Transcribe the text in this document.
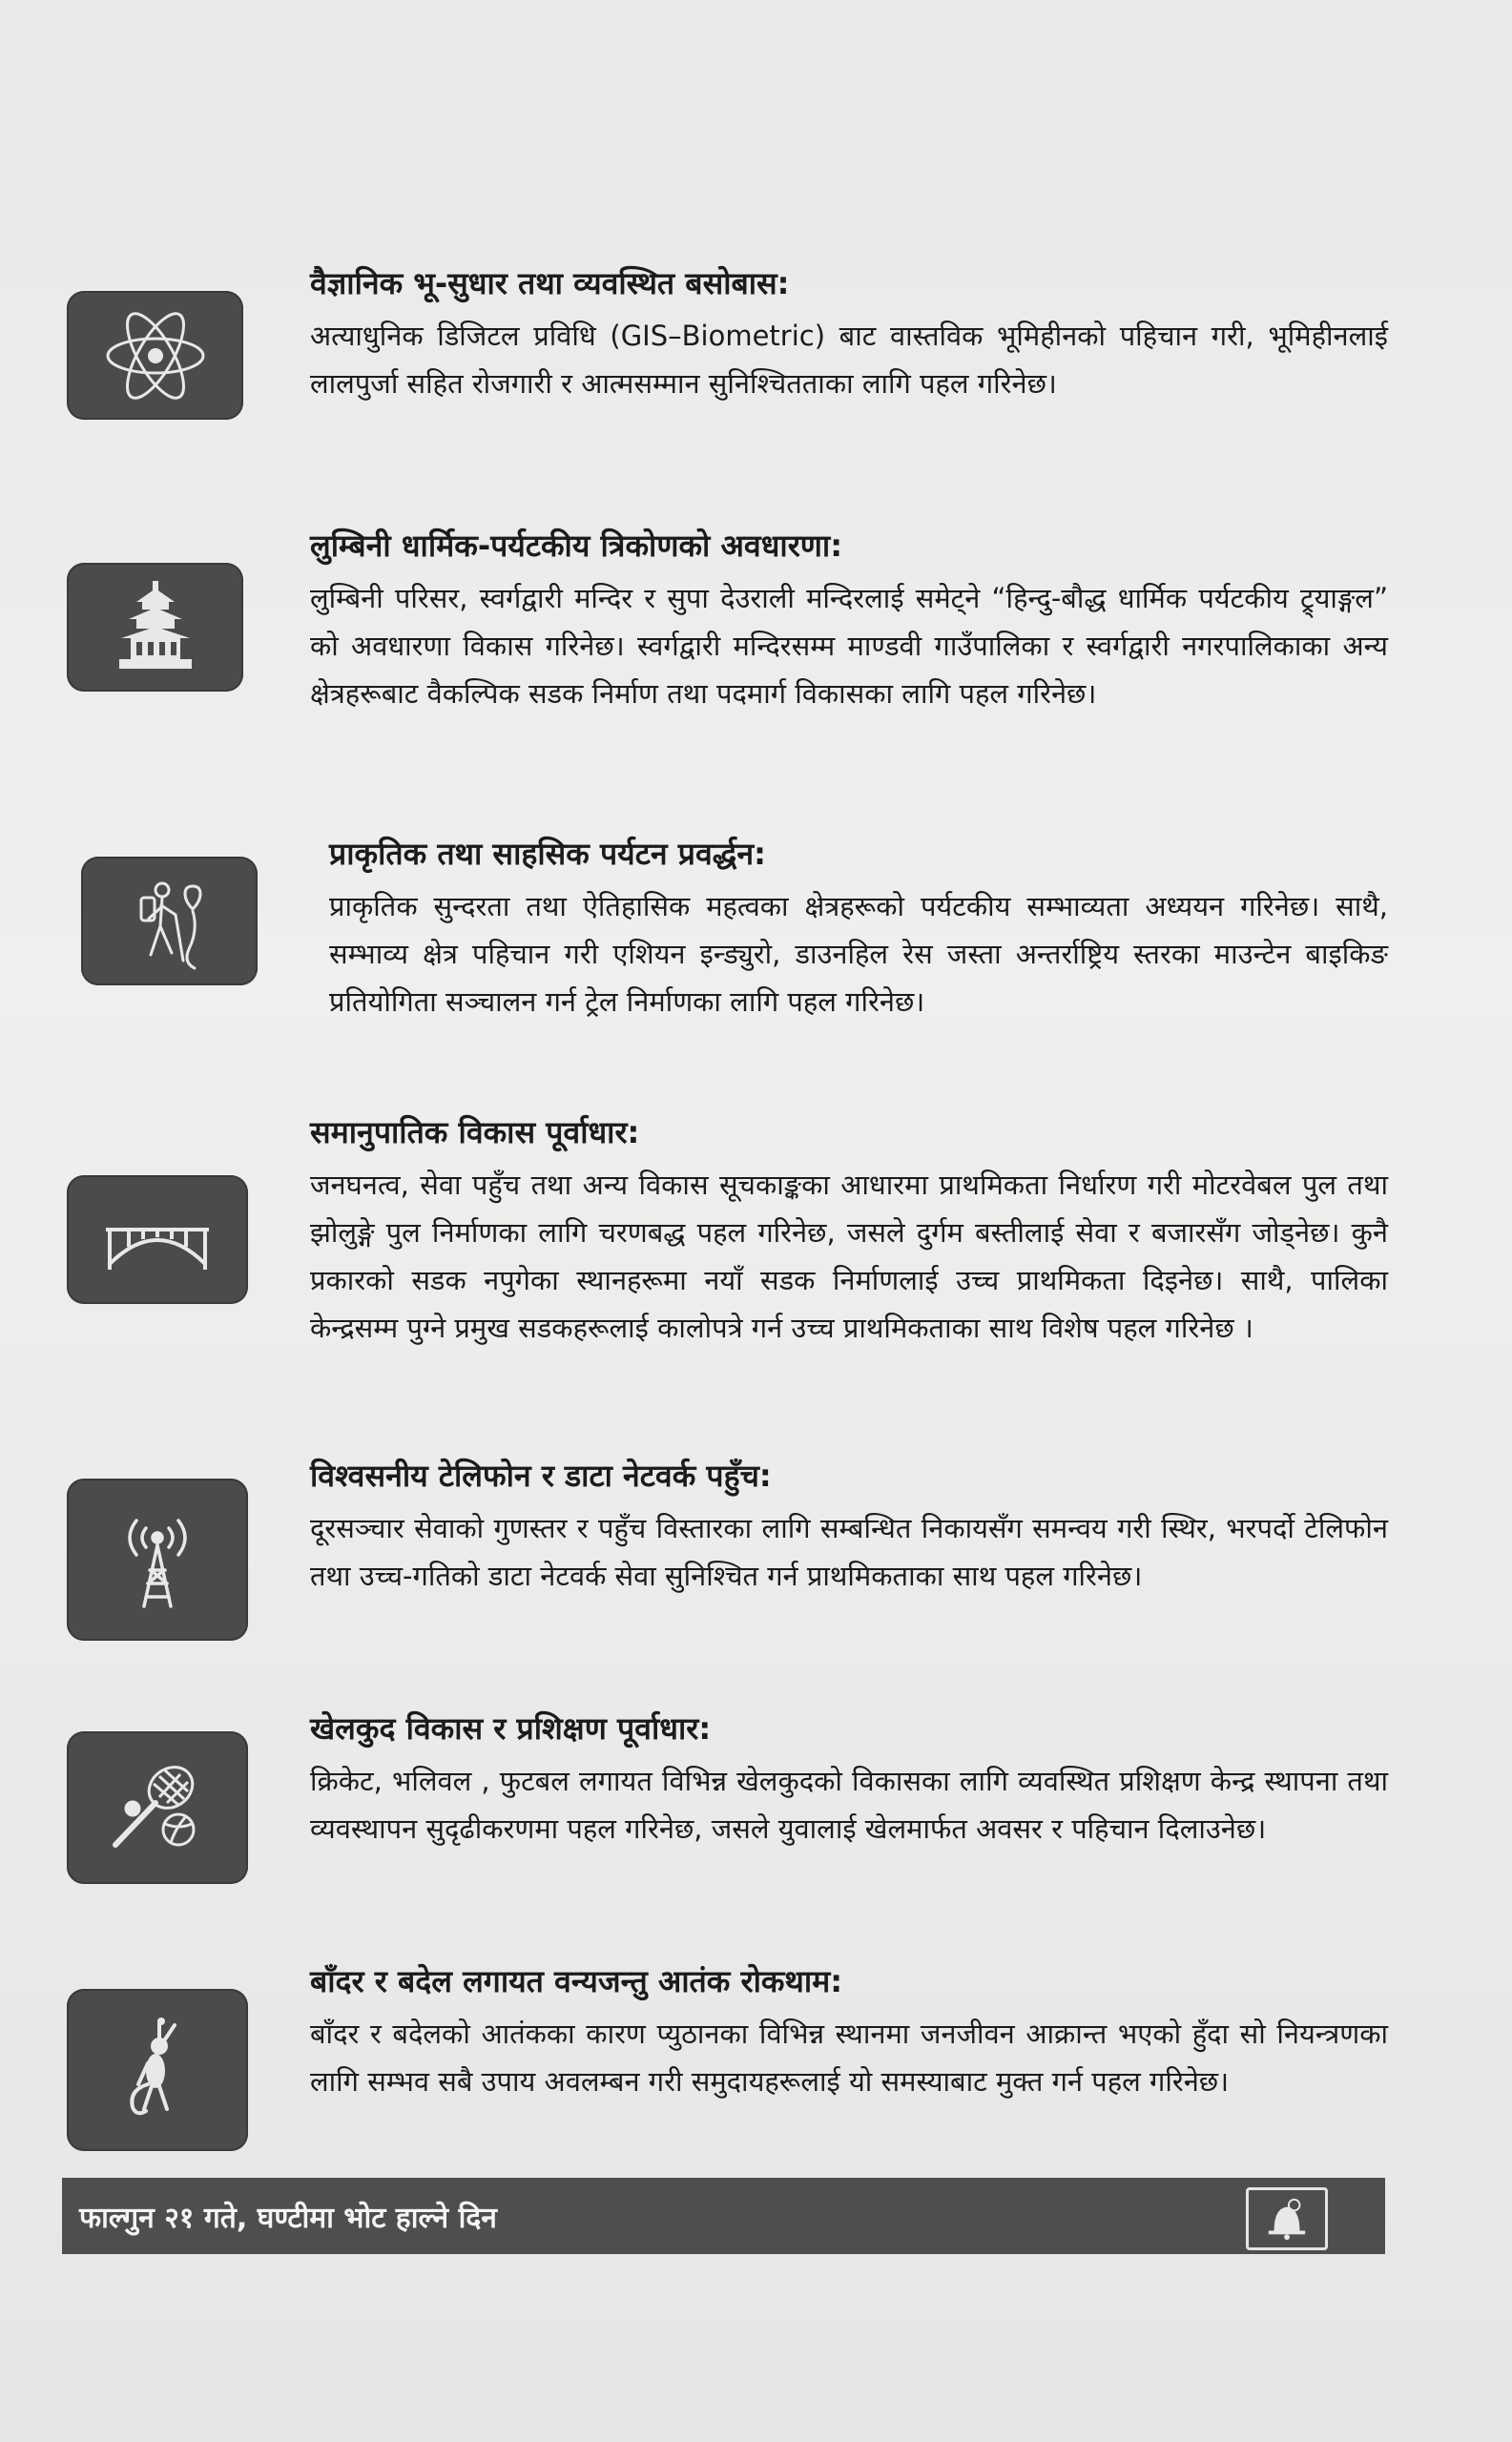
वैज्ञानिक भू-सुधार तथा व्यवस्थित बसोबास:

अत्याधुनिक डिजिटल प्रविधि (GIS–Biometric) बाट वास्तविक भूमिहीनको पहिचान गरी, भूमिहीनलाई लालपुर्जा सहित रोजगारी र आत्मसम्मान सुनिश्चितताका लागि पहल गरिनेछ।

लुम्बिनी धार्मिक-पर्यटकीय त्रिकोणको अवधारणा:

लुम्बिनी परिसर, स्वर्गद्वारी मन्दिर र सुपा देउराली मन्दिरलाई समेट्ने “हिन्दु-बौद्ध धार्मिक पर्यटकीय ट्र्याङ्गल” को अवधारणा विकास गरिनेछ। स्वर्गद्वारी मन्दिरसम्म माण्डवी गाउँपालिका र स्वर्गद्वारी नगरपालिकाका अन्य क्षेत्रहरूबाट वैकल्पिक सडक निर्माण तथा पदमार्ग विकासका लागि पहल गरिनेछ।

प्राकृतिक तथा साहसिक पर्यटन प्रवर्द्धन:

प्राकृतिक सुन्दरता तथा ऐतिहासिक महत्वका क्षेत्रहरूको पर्यटकीय सम्भाव्यता अध्ययन गरिनेछ। साथै, सम्भाव्य क्षेत्र पहिचान गरी एशियन इन्ड्युरो, डाउनहिल रेस जस्ता अन्तर्राष्ट्रिय स्तरका माउन्टेन बाइकिङ प्रतियोगिता सञ्चालन गर्न ट्रेल निर्माणका लागि पहल गरिनेछ।

समानुपातिक विकास पूर्वाधार:

जनघनत्व, सेवा पहुँच तथा अन्य विकास सूचकाङ्कका आधारमा प्राथमिकता निर्धारण गरी मोटरवेबल पुल तथा झोलुङ्गे पुल निर्माणका लागि चरणबद्ध पहल गरिनेछ, जसले दुर्गम बस्तीलाई सेवा र बजारसँग जोड्नेछ। कुनै प्रकारको सडक नपुगेका स्थानहरूमा नयाँ सडक निर्माणलाई उच्च प्राथमिकता दिइनेछ। साथै, पालिका केन्द्रसम्म पुग्ने प्रमुख सडकहरूलाई कालोपत्रे गर्न उच्च प्राथमिकताका साथ विशेष पहल गरिनेछ ।

विश्वसनीय टेलिफोन र डाटा नेटवर्क पहुँच:

दूरसञ्चार सेवाको गुणस्तर र पहुँच विस्तारका लागि सम्बन्धित निकायसँग समन्वय गरी स्थिर, भरपर्दो टेलिफोन तथा उच्च-गतिको डाटा नेटवर्क सेवा सुनिश्चित गर्न प्राथमिकताका साथ पहल गरिनेछ।

खेलकुद विकास र प्रशिक्षण पूर्वाधार:

क्रिकेट, भलिवल , फुटबल लगायत विभिन्न खेलकुदको विकासका लागि व्यवस्थित प्रशिक्षण केन्द्र स्थापना तथा व्यवस्थापन सुदृढीकरणमा पहल गरिनेछ, जसले युवालाई खेलमार्फत अवसर र पहिचान दिलाउनेछ।

बाँदर र बदेल लगायत वन्यजन्तु आतंक रोकथाम:

बाँदर र बदेलको आतंकका कारण प्युठानका विभिन्न स्थानमा जनजीवन आक्रान्त भएको हुँदा सो नियन्त्रणका लागि सम्भव सबै उपाय अवलम्बन गरी समुदायहरूलाई यो समस्याबाट मुक्त गर्न पहल गरिनेछ।

फाल्गुन २१ गते, घण्टीमा भोट हाल्ने दिन
